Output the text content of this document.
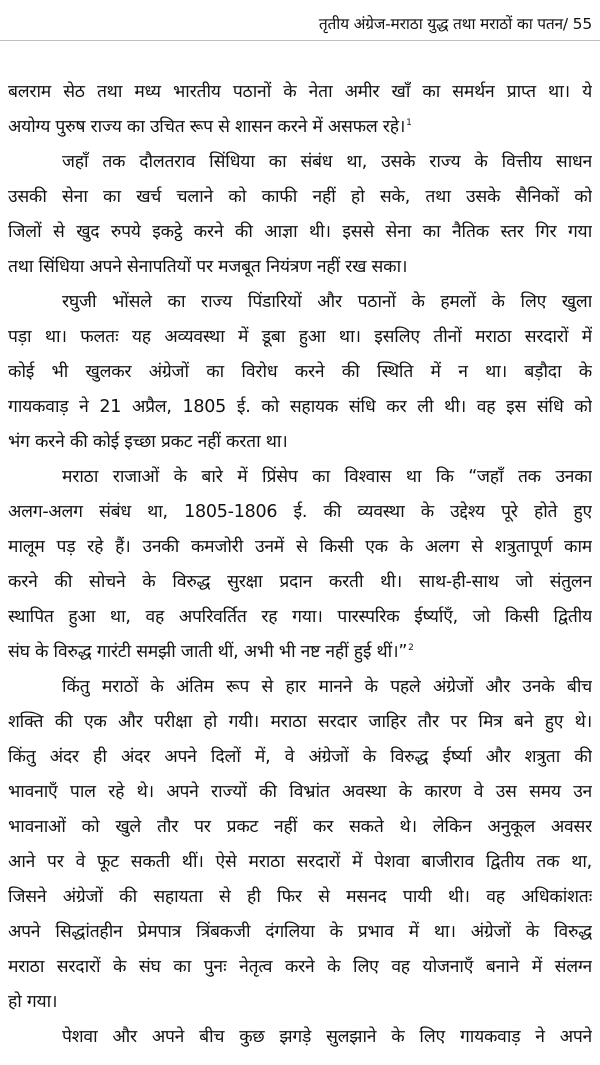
तृतीय अंग्रेज-मराठा युद्ध तथा मराठों का पतन/ 55
बलराम सेठ तथा मध्य भारतीय पठानों के नेता अमीर खाँ का समर्थन प्राप्त था। ये
अयोग्य पुरुष राज्य का उचित रूप से शासन करने में असफल रहे।$^1$
जहाँ तक दौलतराव सिंधिया का संबंध था, उसके राज्य के वित्तीय साधन
उसकी सेना का खर्च चलाने को काफी नहीं हो सके, तथा उसके सैनिकों को
जिलों से खुद रुपये इकट्ठे करने की आज्ञा थी। इससे सेना का नैतिक स्तर गिर गया
तथा सिंधिया अपने सेनापतियों पर मजबूत नियंत्रण नहीं रख सका।
रघुजी भोंसले का राज्य पिंडारियों और पठानों के हमलों के लिए खुला
पड़ा था। फलतः यह अव्यवस्था में डूबा हुआ था। इसलिए तीनों मराठा सरदारों में
कोई भी खुलकर अंग्रेजों का विरोध करने की स्थिति में न था। बड़ौदा के
गायकवाड़ ने 21 अप्रैल, 1805 ई. को सहायक संधि कर ली थी। वह इस संधि को
भंग करने की कोई इच्छा प्रकट नहीं करता था।
मराठा राजाओं के बारे में प्रिंसेप का विश्वास था कि “जहाँ तक उनका
अलग-अलग संबंध था, 1805-1806 ई. की व्यवस्था के उद्देश्य पूरे होते हुए
मालूम पड़ रहे हैं। उनकी कमजोरी उनमें से किसी एक के अलग से शत्रुतापूर्ण काम
करने की सोचने के विरुद्ध सुरक्षा प्रदान करती थी। साथ-ही-साथ जो संतुलन
स्थापित हुआ था, वह अपरिवर्तित रह गया। पारस्परिक ईर्ष्याएँ, जो किसी द्वितीय
संघ के विरुद्ध गारंटी समझी जाती थीं, अभी भी नष्ट नहीं हुई थीं।”$^2$
किंतु मराठों के अंतिम रूप से हार मानने के पहले अंग्रेजों और उनके बीच
शक्ति की एक और परीक्षा हो गयी। मराठा सरदार जाहिर तौर पर मित्र बने हुए थे।
किंतु अंदर ही अंदर अपने दिलों में, वे अंग्रेजों के विरुद्ध ईर्ष्या और शत्रुता की
भावनाएँ पाल रहे थे। अपने राज्यों की विभ्रांत अवस्था के कारण वे उस समय उन
भावनाओं को खुले तौर पर प्रकट नहीं कर सकते थे। लेकिन अनुकूल अवसर
आने पर वे फूट सकती थीं। ऐसे मराठा सरदारों में पेशवा बाजीराव द्वितीय तक था,
जिसने अंग्रेजों की सहायता से ही फिर से मसनद पायी थी। वह अधिकांशतः
अपने सिद्धांतहीन प्रेमपात्र त्रिंबकजी दंगलिया के प्रभाव में था। अंग्रेजों के विरुद्ध
मराठा सरदारों के संघ का पुनः नेतृत्व करने के लिए वह योजनाएँ बनाने में संलग्न
हो गया।
पेशवा और अपने बीच कुछ झगड़े सुलझाने के लिए गायकवाड़ ने अपने
